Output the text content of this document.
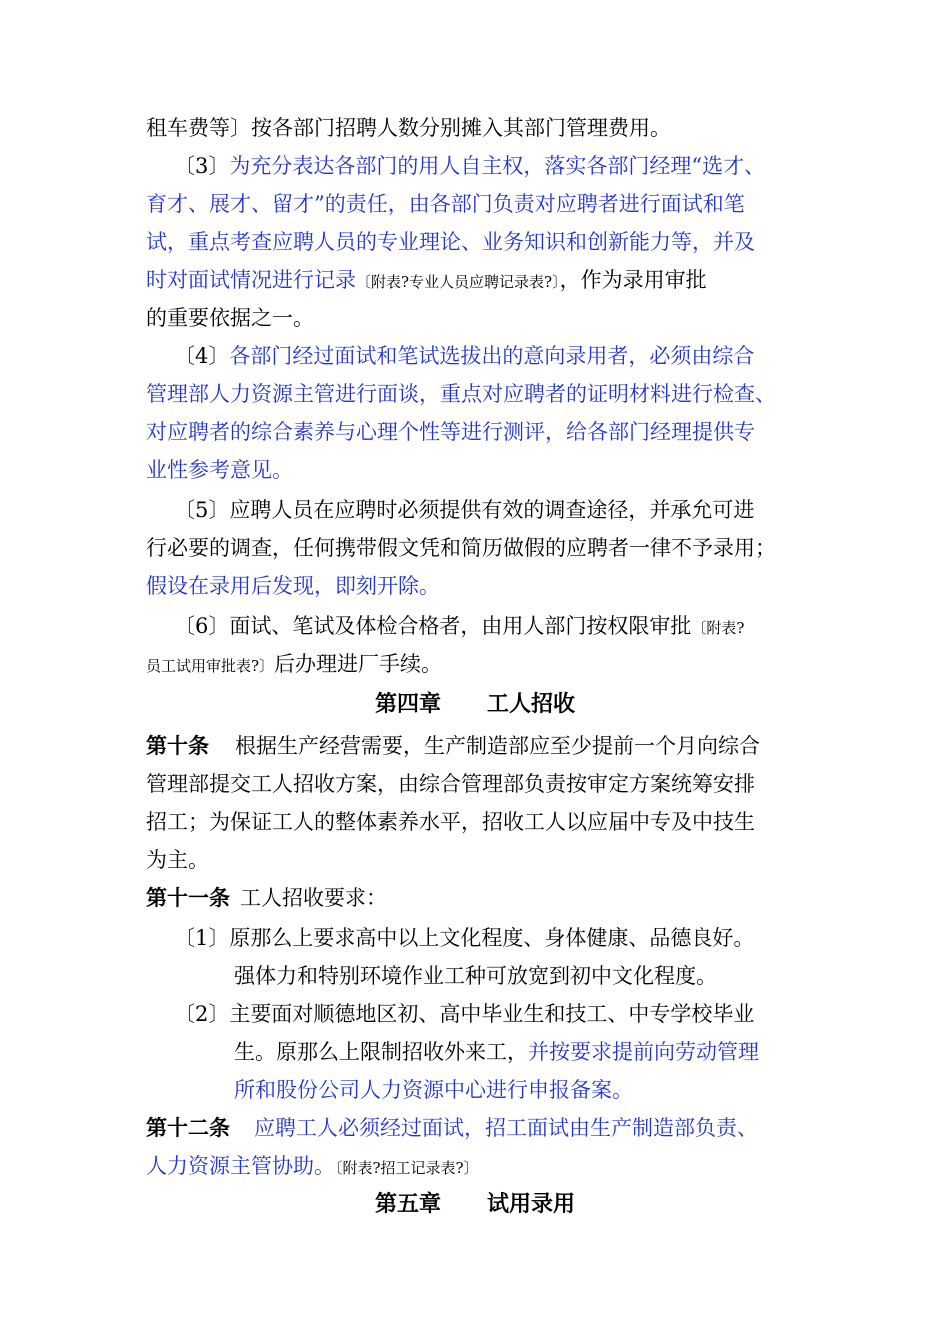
租车费等〕按各部门招聘人数分别摊入其部门管理费用。
〔3〕为充分表达各部门的用人自主权，落实各部门经理“选才、
育才、展才、留才”的责任，由各部门负责对应聘者进行面试和笔
试，重点考查应聘人员的专业理论、业务知识和创新能力等，并及
时对面试情况进行记录〔附表?专业人员应聘记录表?〕，作为录用审批
的重要依据之一。
〔4〕各部门经过面试和笔试选拔出的意向录用者，必须由综合
管理部人力资源主管进行面谈，重点对应聘者的证明材料进行检查、
对应聘者的综合素养与心理个性等进行测评，给各部门经理提供专
业性参考意见。
〔5〕应聘人员在应聘时必须提供有效的调查途径，并承允可进
行必要的调查，任何携带假文凭和简历做假的应聘者一律不予录用；
假设在录用后发现，即刻开除。
〔6〕面试、笔试及体检合格者，由用人部门按权限审批〔附表?
员工试用审批表?〕后办理进厂手续。
第四章 工人招收
第十条 根据生产经营需要，生产制造部应至少提前一个月向综合
管理部提交工人招收方案，由综合管理部负责按审定方案统筹安排
招工；为保证工人的整体素养水平，招收工人以应届中专及中技生
为主。
第十一条 工人招收要求：
〔1〕原那么上要求高中以上文化程度、身体健康、品德良好。
强体力和特别环境作业工种可放宽到初中文化程度。
〔2〕主要面对顺德地区初、高中毕业生和技工、中专学校毕业
生。原那么上限制招收外来工，并按要求提前向劳动管理
所和股份公司人力资源中心进行申报备案。
第十二条 应聘工人必须经过面试，招工面试由生产制造部负责、
人力资源主管协助。〔附表?招工记录表?〕
第五章 试用录用
